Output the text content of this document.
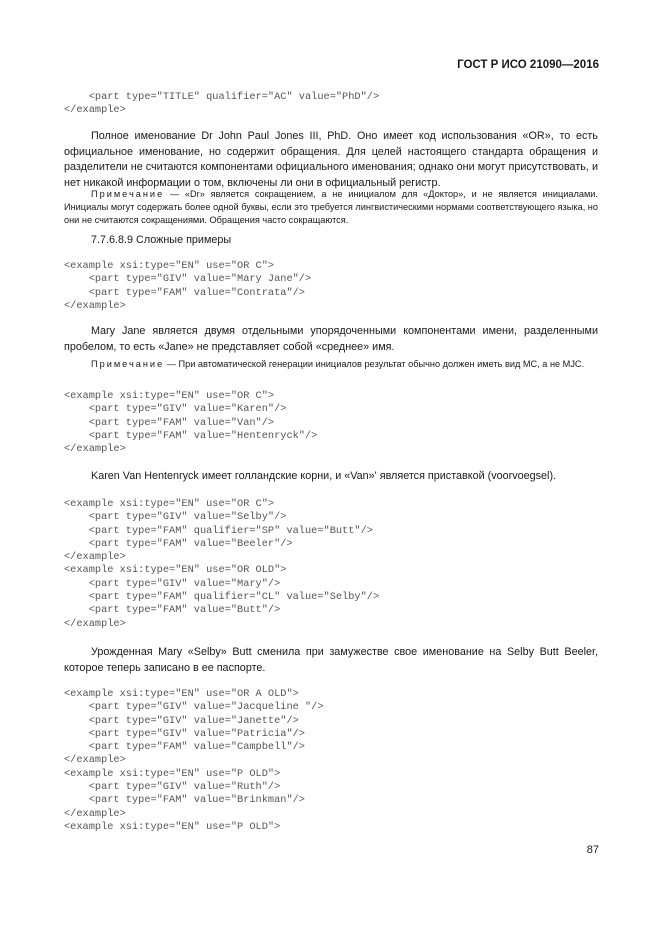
ГОСТ Р ИСО 21090—2016
<part type="TITLE" qualifier="AC" value="PhD"/>
</example>

Полное именование Dr John Paul Jones III, PhD. Оно имеет код использования «OR», то есть официальное именование, но содержит обращения. Для целей настоящего стандарта обращения и разделители не считаются компонентами официального именования; однако они могут присутствовать, и нет никакой информации о том, включены ли они в официальный регистр.

Примечание — «Dr» является сокращением, а не инициалом для «Доктор», и не является инициалами. Инициалы могут содержать более одной буквы, если это требуется лингвистическими нормами соответствующего языка, но они не считаются сокращениями. Обращения часто сокращаются.

7.7.6.8.9 Сложные примеры
<example xsi:type="EN" use="OR C">
<part type="GIV" value="Mary Jane"/>
<part type="FAM" value="Contrata"/>
</example>

Mary Jane является двумя отдельными упорядоченными компонентами имени, разделенными пробелом, то есть «Jane» не представляет собой «среднее» имя.

Примечание — При автоматической генерации инициалов результат обычно должен иметь вид МС, а не MJC.

<example xsi:type="EN" use="OR C">
<part type="GIV" value="Karen"/>
<part type="FAM" value="Van"/>
<part type="FAM" value="Hentenryck"/>
</example>

Karen Van Hentenryck имеет голландские корни, и «Van»' является приставкой (voorvoegsel).

<example xsi:type="EN" use="OR C">
<part type="GIV" value="Selby"/>
<part type="FAM" qualifier="SP" value="Butt"/>
<part type="FAM" value="Beeler"/>
</example>
<example xsi:type="EN" use="OR OLD">
<part type="GIV" value="Mary"/>
<part type="FAM" qualifier="CL" value="Selby"/>
<part type="FAM" value="Butt"/>
</example>

Урожденная Mary «Selby» Butt сменила при замужестве свое именование на Selby Butt Beeler, которое теперь записано в ее паспорте.

<example xsi:type="EN" use="OR A OLD">
<part type="GIV" value="Jacqueline "/>
<part type="GIV" value="Janette"/>
<part type="GIV" value="Patricia"/>
<part type="FAM" value="Campbell"/>
</example>
<example xsi:type="EN" use="P OLD">
<part type="GIV" value="Ruth"/>
<part type="FAM" value="Brinkman"/>
</example>
<example xsi:type="EN" use="P OLD">
87
